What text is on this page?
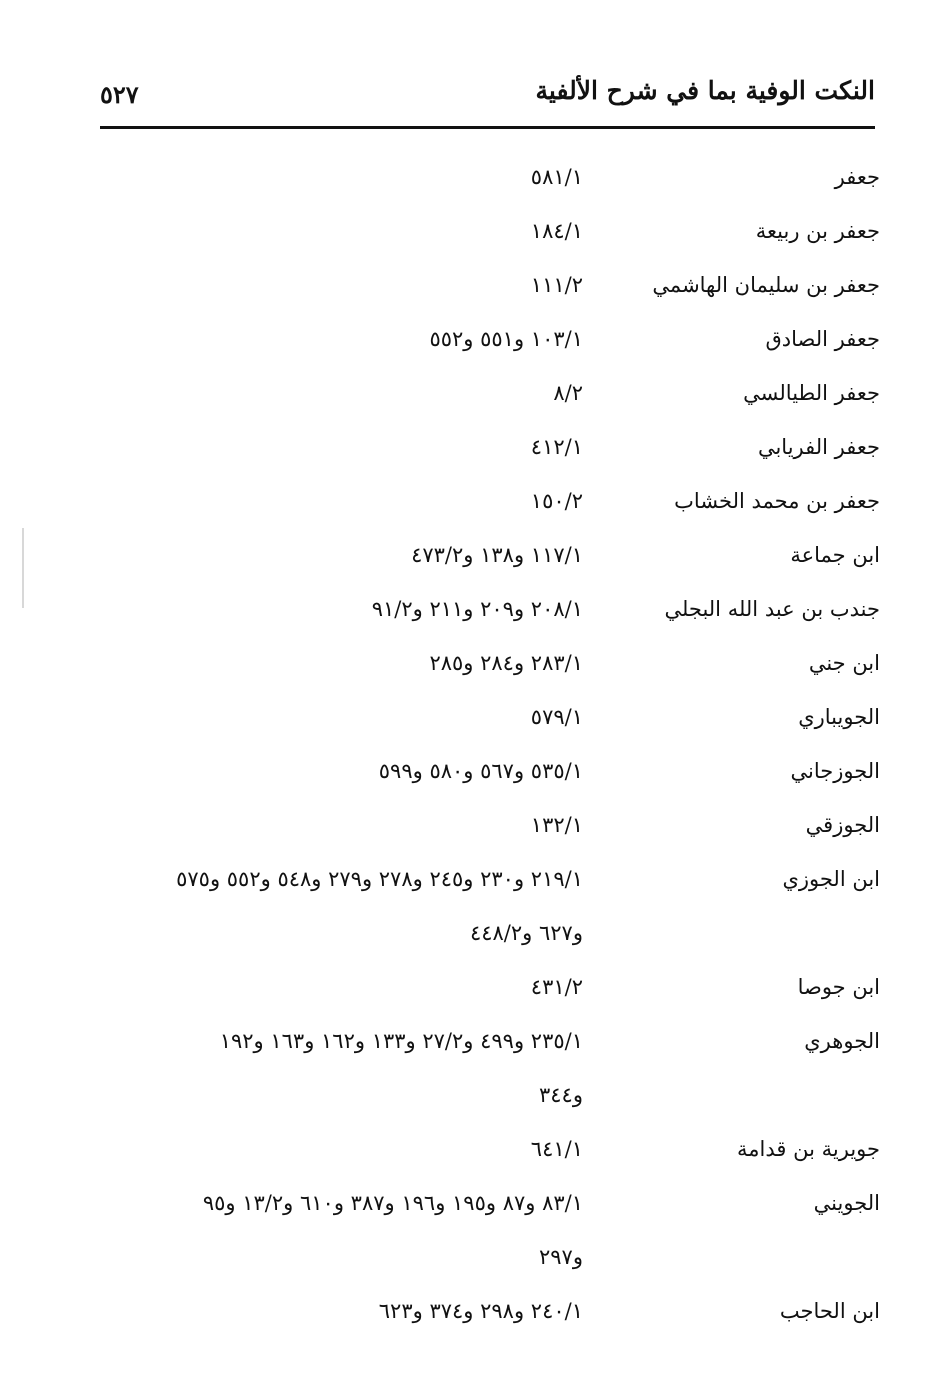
النكت الوفية بما في شرح الألفية
٥٢٧
جعفر
٥٨١/١
جعفر بن ربيعة
١٨٤/١
جعفر بن سليمان الهاشمي
١١١/٢
جعفر الصادق
١٠٣/١ و٥٥١ و٥٥٢
جعفر الطيالسي
٨/٢
جعفر الفريابي
٤١٢/١
جعفر بن محمد الخشاب
١٥٠/٢
ابن جماعة
١١٧/١ و١٣٨ و٤٧٣/٢
جندب بن عبد الله البجلي
٢٠٨/١ و٢٠٩ و٢١١ و٩١/٢
ابن جني
٢٨٣/١ و٢٨٤ و٢٨٥
الجويباري
٥٧٩/١
الجوزجاني
٥٣٥/١ و٥٦٧ و٥٨٠ و٥٩٩
الجوزقي
١٣٢/١
ابن الجوزي
٢١٩/١ و٢٣٠ و٢٤٥ و٢٧٨ و٢٧٩ و٥٤٨ و٥٥٢ و٥٧٥
و٦٢٧ و٤٤٨/٢
ابن جوصا
٤٣١/٢
الجوهري
٢٣٥/١ و٤٩٩ و٢٧/٢ و١٣٣ و١٦٢ و١٦٣ و١٩٢
و٣٤٤
جويرية بن قدامة
٦٤١/١
الجويني
٨٣/١ و٨٧ و١٩٥ و١٩٦ و٣٨٧ و٦١٠ و١٣/٢ و٩٥
و٢٩٧
ابن الحاجب
٢٤٠/١ و٢٩٨ و٣٧٤ و٦٢٣
